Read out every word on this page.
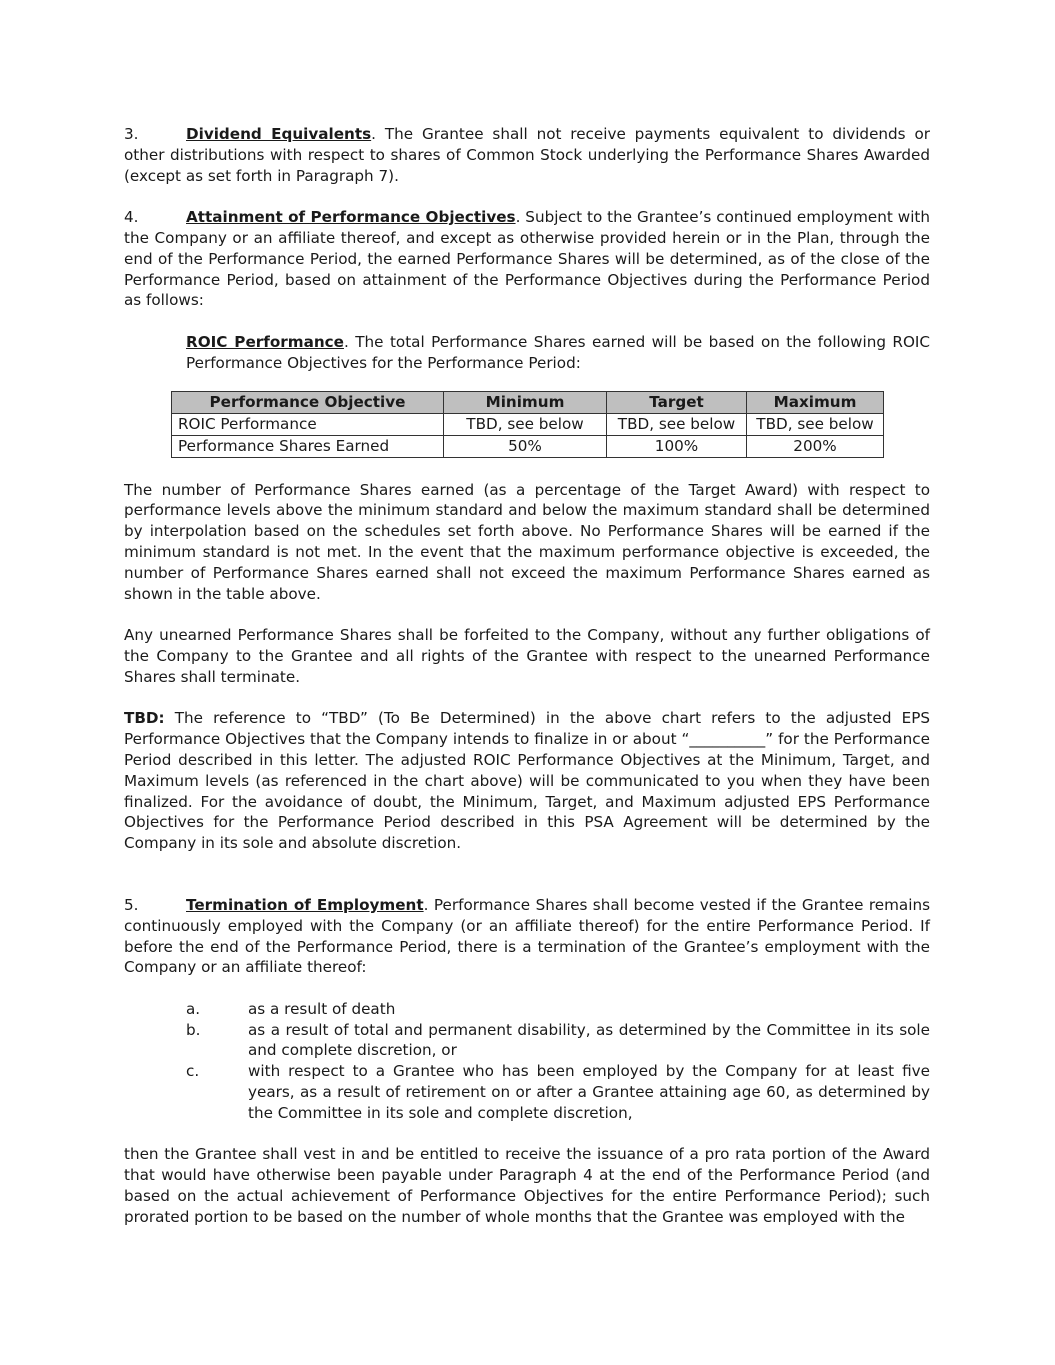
3.	Dividend Equivalents. The Grantee shall not receive payments equivalent to dividends or other distributions with respect to shares of Common Stock underlying the Performance Shares Awarded (except as set forth in Paragraph 7).

4.	Attainment of Performance Objectives. Subject to the Grantee’s continued employment with the Company or an affiliate thereof, and except as otherwise provided herein or in the Plan, through the end of the Performance Period, the earned Performance Shares will be determined, as of the close of the Performance Period, based on attainment of the Performance Objectives during the Performance Period as follows:

ROIC Performance. The total Performance Shares earned will be based on the following ROIC Performance Objectives for the Performance Period:

Performance Objective	Minimum	Target	Maximum
ROIC Performance	TBD, see below	TBD, see below	TBD, see below
Performance Shares Earned	50%	100%	200%

The number of Performance Shares earned (as a percentage of the Target Award) with respect to performance levels above the minimum standard and below the maximum standard shall be determined by interpolation based on the schedules set forth above. No Performance Shares will be earned if the minimum standard is not met. In the event that the maximum performance objective is exceeded, the number of Performance Shares earned shall not exceed the maximum Performance Shares earned as shown in the table above.

Any unearned Performance Shares shall be forfeited to the Company, without any further obligations of the Company to the Grantee and all rights of the Grantee with respect to the unearned Performance Shares shall terminate.

TBD: The reference to “TBD” (To Be Determined) in the above chart refers to the adjusted EPS Performance Objectives that the Company intends to finalize in or about “__________” for the Performance Period described in this letter. The adjusted ROIC Performance Objectives at the Minimum, Target, and Maximum levels (as referenced in the chart above) will be communicated to you when they have been finalized. For the avoidance of doubt, the Minimum, Target, and Maximum adjusted EPS Performance Objectives for the Performance Period described in this PSA Agreement will be determined by the Company in its sole and absolute discretion.

5.	Termination of Employment. Performance Shares shall become vested if the Grantee remains continuously employed with the Company (or an affiliate thereof) for the entire Performance Period. If before the end of the Performance Period, there is a termination of the Grantee’s employment with the Company or an affiliate thereof:

a.	as a result of death
b.	as a result of total and permanent disability, as determined by the Committee in its sole and complete discretion, or
c.	with respect to a Grantee who has been employed by the Company for at least five years, as a result of retirement on or after a Grantee attaining age 60, as determined by the Committee in its sole and complete discretion,

then the Grantee shall vest in and be entitled to receive the issuance of a pro rata portion of the Award that would have otherwise been payable under Paragraph 4 at the end of the Performance Period (and based on the actual achievement of Performance Objectives for the entire Performance Period); such prorated portion to be based on the number of whole months that the Grantee was employed with the
